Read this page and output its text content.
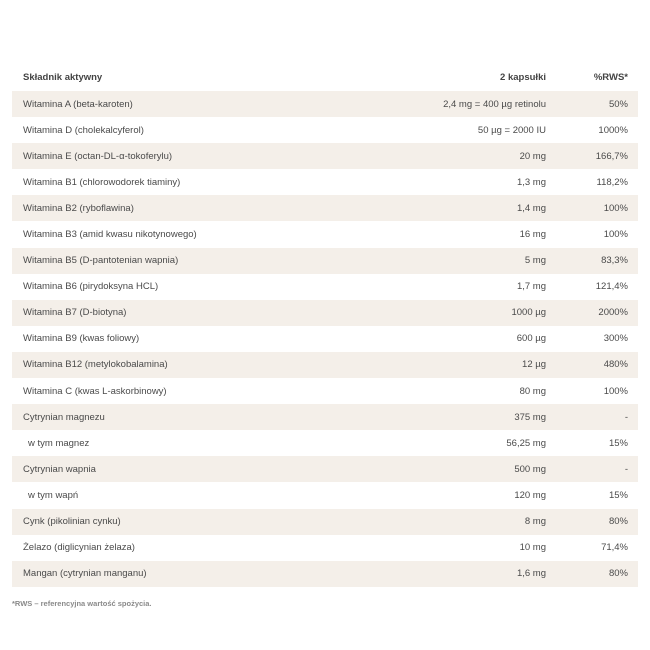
Składnik aktywny	2 kapsułki	%RWS*
Witamina A (beta-karoten)	2,4 mg = 400 µg retinolu	50%
Witamina D (cholekalcyferol)	50 µg = 2000 IU	1000%
Witamina E (octan-DL-α-tokoferylu)	20 mg	166,7%
Witamina B1 (chlorowodorek tiaminy)	1,3 mg	118,2%
Witamina B2 (ryboflawina)	1,4 mg	100%
Witamina B3 (amid kwasu nikotynowego)	16 mg	100%
Witamina B5 (D-pantotenian wapnia)	5 mg	83,3%
Witamina B6 (pirydoksyna HCL)	1,7 mg	121,4%
Witamina B7 (D-biotyna)	1000 µg	2000%
Witamina B9 (kwas foliowy)	600 µg	300%
Witamina B12 (metylokobalamina)	12 µg	480%
Witamina C (kwas L-askorbinowy)	80 mg	100%
Cytrynian magnezu	375 mg	-
w tym magnez	56,25 mg	15%
Cytrynian wapnia	500 mg	-
w tym wapń	120 mg	15%
Cynk (pikolinian cynku)	8 mg	80%
Żelazo (diglicynian żelaza)	10 mg	71,4%
Mangan (cytrynian manganu)	1,6 mg	80%
*RWS – referencyjna wartość spożycia.
